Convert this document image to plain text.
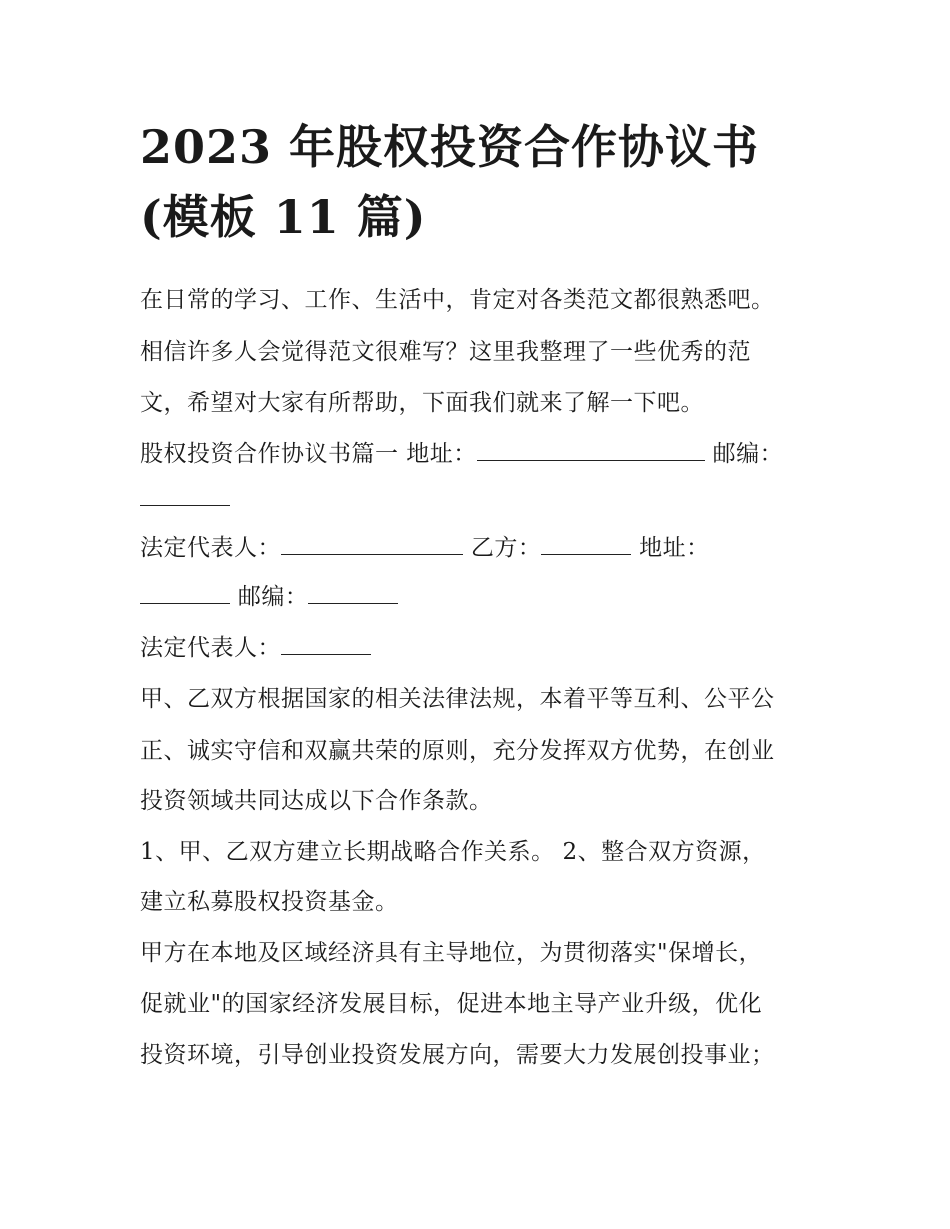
2023 年股权投资合作协议书
(模板 11 篇)
在日常的学习、工作、生活中，肯定对各类范文都很熟悉吧。
相信许多人会觉得范文很难写？这里我整理了一些优秀的范
文，希望对大家有所帮助，下面我们就来了解一下吧。
股权投资合作协议书篇一 地址：	邮编：
法定代表人：	乙方：	地址：
邮编：
法定代表人：
甲、乙双方根据国家的相关法律法规，本着平等互利、公平公
正、诚实守信和双赢共荣的原则，充分发挥双方优势，在创业
投资领域共同达成以下合作条款。
1、甲、乙双方建立长期战略合作关系。 2、整合双方资源，
建立私募股权投资基金。
甲方在本地及区域经济具有主导地位，为贯彻落实"保增长，
促就业"的国家经济发展目标，促进本地主导产业升级，优化
投资环境，引导创业投资发展方向，需要大力发展创投事业；
